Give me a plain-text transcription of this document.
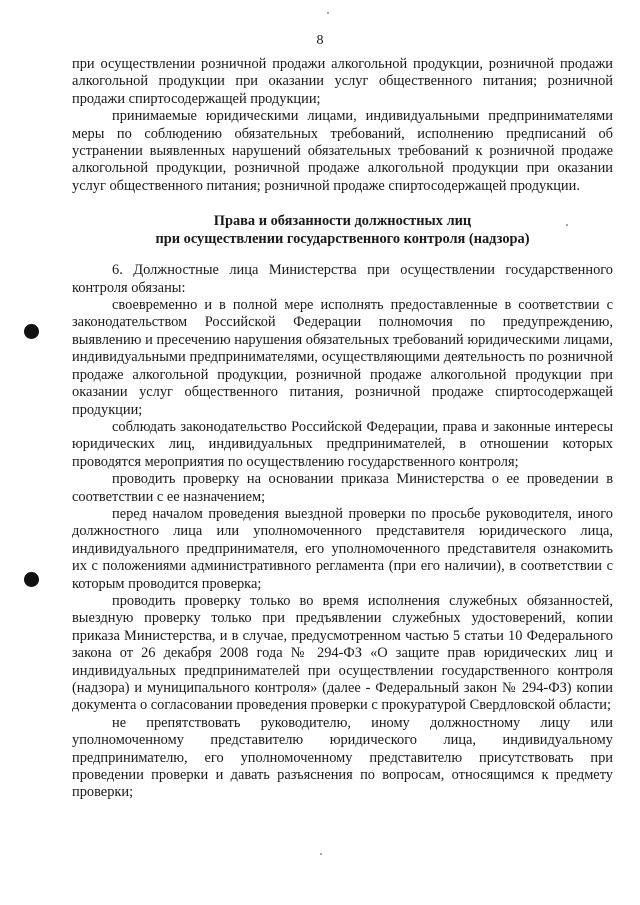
8

при осуществлении розничной продажи алкогольной продукции, розничной продажи алкогольной продукции при оказании услуг общественного питания; розничной продажи спиртосодержащей продукции;

принимаемые юридическими лицами, индивидуальными предпринимателями меры по соблюдению обязательных требований, исполнению предписаний об устранении выявленных нарушений обязательных требований к розничной продаже алкогольной продукции, розничной продаже алкогольной продукции при оказании услуг общественного питания; розничной продаже спиртосодержащей продукции.

Права и обязанности должностных лиц
при осуществлении государственного контроля (надзора)

6. Должностные лица Министерства при осуществлении государственного контроля обязаны:

своевременно и в полной мере исполнять предоставленные в соответствии с законодательством Российской Федерации полномочия по предупреждению, выявлению и пресечению нарушения обязательных требований юридическими лицами, индивидуальными предпринимателями, осуществляющими деятельность по розничной продаже алкогольной продукции, розничной продаже алкогольной продукции при оказании услуг общественного питания, розничной продаже спиртосодержащей продукции;

соблюдать законодательство Российской Федерации, права и законные интересы юридических лиц, индивидуальных предпринимателей, в отношении которых проводятся мероприятия по осуществлению государственного контроля;

проводить проверку на основании приказа Министерства о ее проведении в соответствии с ее назначением;

перед началом проведения выездной проверки по просьбе руководителя, иного должностного лица или уполномоченного представителя юридического лица, индивидуального предпринимателя, его уполномоченного представителя ознакомить их с положениями административного регламента (при его наличии), в соответствии с которым проводится проверка;

проводить проверку только во время исполнения служебных обязанностей, выездную проверку только при предъявлении служебных удостоверений, копии приказа Министерства, и в случае, предусмотренном частью 5 статьи 10 Федерального закона от 26 декабря 2008 года № 294-ФЗ «О защите прав юридических лиц и индивидуальных предпринимателей при осуществлении государственного контроля (надзора) и муниципального контроля» (далее - Федеральный закон № 294-ФЗ) копии документа о согласовании проведения проверки с прокуратурой Свердловской области;

не препятствовать руководителю, иному должностному лицу или уполномоченному представителю юридического лица, индивидуальному предпринимателю, его уполномоченному представителю присутствовать при проведении проверки и давать разъяснения по вопросам, относящимся к предмету проверки;
